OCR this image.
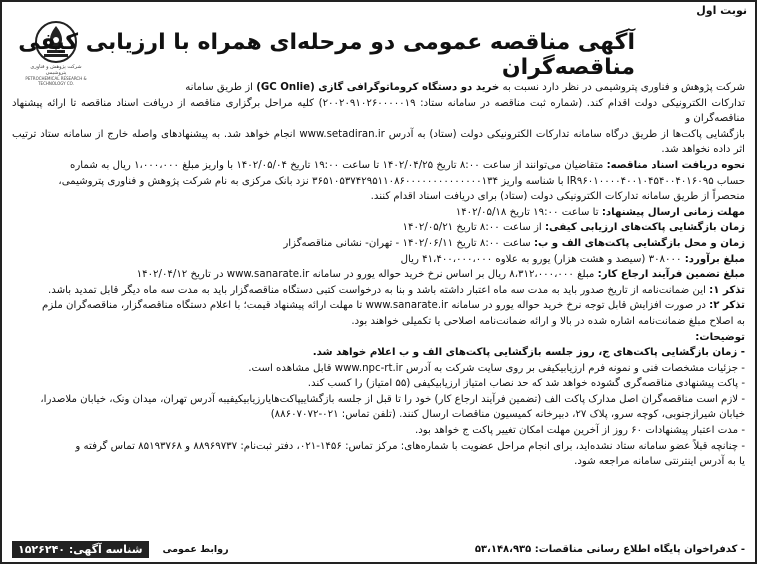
نوبت اول
شرکت پژوهش و فناوری پتروشیمی
PETROCHEMICAL RESEARCH & TECHNOLOGY CO.
آگهی مناقصه عمومی دو مرحله‌ای همراه با ارزیابی کیفی مناقصه‌گران

شرکت پژوهش و فناوری پتروشیمی در نظر دارد نسبت به خرید دو دستگاه کروماتوگرافی گازی (GC Onlie) از طریق سامانه

تدارکات الکترونیکی دولت اقدام کند. (شماره ثبت مناقصه در سامانه ستاد: ۲۰۰۲۰۹۱۰۲۶۰۰۰۰۰۱۹) کلیه مراحل برگزاری مناقصه از دریافت اسناد مناقصه تا ارائه پیشنهاد مناقصه‌گران و

بازگشایی پاکت‌ها از طریق درگاه سامانه تدارکات الکترونیکی دولت (ستاد) به آدرس www.setadiran.ir انجام خواهد شد. به پیشنهادهای واصله خارج از سامانه ستاد ترتیب اثر داده نخواهد شد.

نحوه دریافت اسناد مناقصه: متقاضیان می‌توانند از ساعت ۸:۰۰ تاریخ ۱۴۰۲/۰۴/۲۵ تا ساعت ۱۹:۰۰ تاریخ ۱۴۰۲/۰۵/۰۴ با واریز مبلغ ۱،۰۰۰،۰۰۰ ریال به شماره

حساب IR۹۶۰۱۰۰۰۰۴۰۰۱۰۴۵۴۰۰۴۰۱۶۰۹۵ با شناسه واریز ۳۶۵۱۰۵۳۷۴۲۹۵۱۱۰۸۶۰۰۰۰۰۰۰۰۰۰۰۰۰۰۱۳۴ نزد بانک مرکزی به نام شرکت پژوهش و فناوری پتروشیمی،

منحصراً از طریق سامانه تدارکات الکترونیکی دولت (ستاد) برای دریافت اسناد اقدام کنند.

مهلت زمانی ارسال پیشنهاد: تا ساعت ۱۹:۰۰ تاریخ ۱۴۰۲/۰۵/۱۸

زمان بازگشایی پاکت‌های ارزیابی کیفی: از ساعت ۸:۰۰ تاریخ ۱۴۰۲/۰۵/۲۱

زمان و محل بازگشایی پاکت‌های الف و ب: ساعت ۸:۰۰ تاریخ ۱۴۰۲/۰۶/۱۱ - تهران- نشانی مناقصه‌گزار

مبلغ برآورد: ۳۰۸۰۰۰ (سیصد و هشت هزار) یورو به علاوه ۴۱،۴۰۰،۰۰۰،۰۰۰ ریال

مبلغ تضمین فرآیند ارجاع کار: مبلغ ۸،۳۱۲،۰۰۰،۰۰۰ ریال بر اساس نرخ خرید حواله یورو در سامانه www.sanarate.ir در تاریخ ۱۴۰۲/۰۴/۱۲

تذکر ۱: این ضمانت‌نامه از تاریخ صدور باید به مدت سه ماه اعتبار داشته باشد و بنا به درخواست کتبی دستگاه مناقصه‌گزار باید به مدت سه ماه دیگر قابل تمدید باشد.

تذکر ۲: در صورت افزایش قابل توجه نرخ خرید حواله یورو در سامانه www.sanarate.ir تا مهلت ارائه پیشنهاد قیمت؛ با اعلام دستگاه مناقصه‌گزار، مناقصه‌گران ملزم

به اصلاح مبلغ ضمانت‌نامه اشاره شده در بالا و ارائه ضمانت‌نامه اصلاحی یا تکمیلی خواهند بود.

توضیحات:

- زمان بازگشایی پاکت‌های ج، روز جلسه بازگشایی پاکت‌های الف و ب اعلام خواهد شد.

- جزئیات مشخصات فنی و نمونه فرم ارزیابیکیفی بر روی سایت شرکت به آدرس www.npc-rt.ir قابل مشاهده است.

- پاکت پیشنهادی مناقصه‌گری گشوده خواهد شد که حد نصاب امتیاز ارزیابیکیفی (۵۵ امتیاز) را کسب کند.

- لازم است مناقصه‌گران اصل مدارک پاکت الف (تضمین فرآیند ارجاع کار) خود را تا قبل از جلسه بازگشاییپاکت‌هایارزیابیکیفیبه آدرس تهران، میدان ونک، خیابان ملاصدرا،

خیابان شیرازجنوبی، کوچه سرو، پلاک ۲۷، دبیرخانه کمیسیون مناقصات ارسال کنند. (تلفن تماس: ۰۲۱-۸۸۶۰۷۰۷۲)

- مدت اعتبار پیشنهادات ۶۰ روز از آخرین مهلت امکان تغییر پاکت ج خواهد بود.

- چنانچه قبلاً عضو سامانه ستاد نشده‌اید، برای انجام مراحل عضویت با شماره‌های: مرکز تماس: ۱۴۵۶-۰۲۱، دفتر ثبت‌نام: ۸۸۹۶۹۷۳۷ و ۸۵۱۹۳۷۶۸ تماس گرفته و

یا به آدرس اینترنتی سامانه مراجعه شود.

- کدفراخوان پایگاه اطلاع رسانی مناقصات: ۵۳،۱۴۸،۹۳۵
روابط عمومی
شناسه آگهی: ۱۵۲۶۲۴۰
